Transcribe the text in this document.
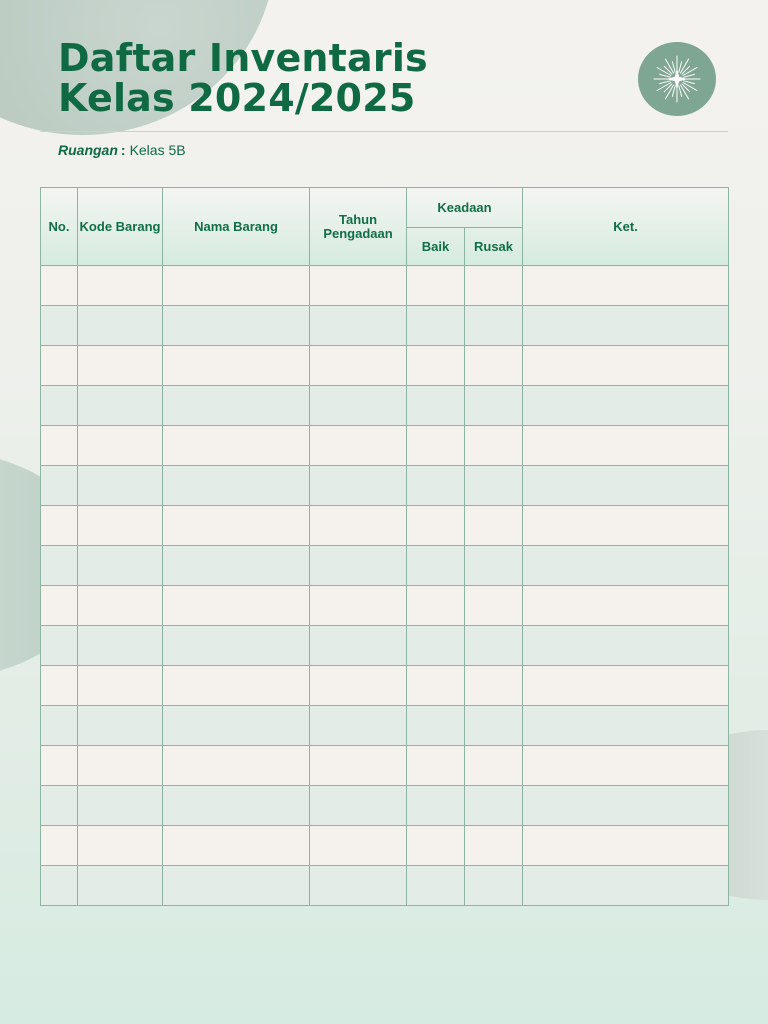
Daftar Inventaris
Kelas 2024/2025
Ruangan : Kelas 5B
No.	Kode Barang	Nama Barang	Tahun Pengadaan	Keadaan		Ket.
				Baik	Rusak	
